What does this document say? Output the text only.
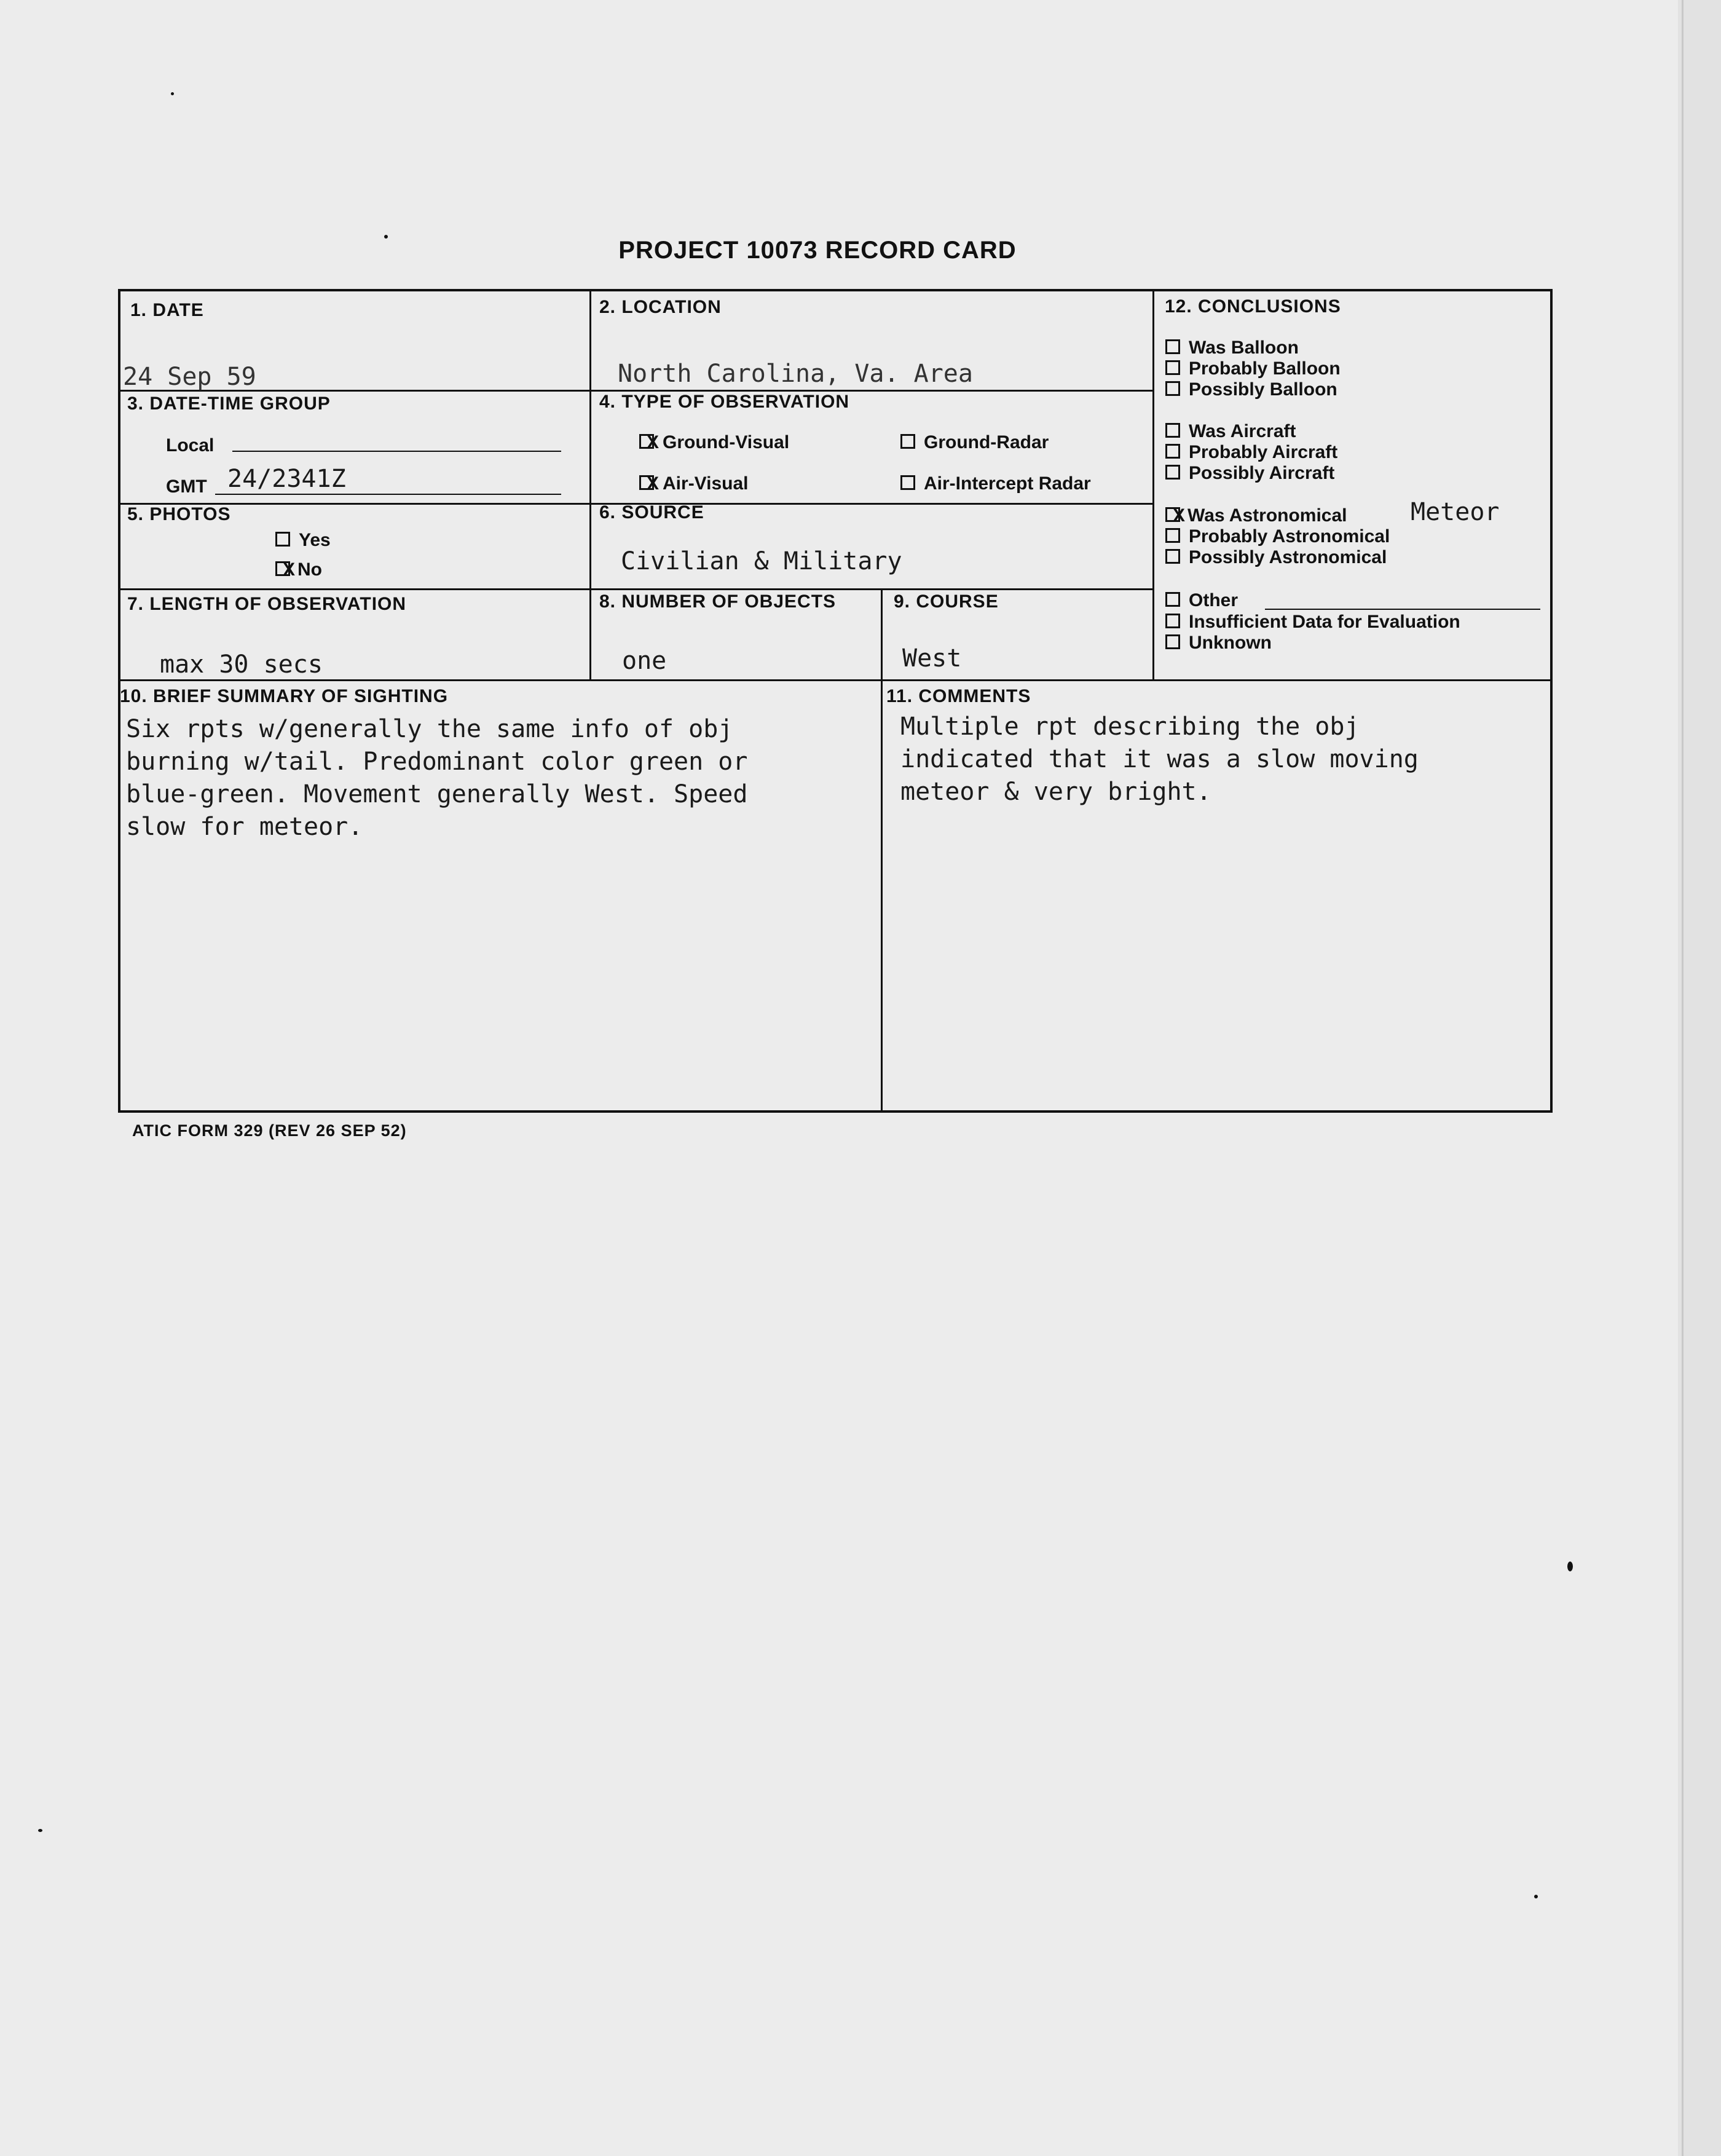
PROJECT 10073 RECORD CARD
1. DATE
24 Sep 59
2. LOCATION
North Carolina, Va. Area
3. DATE-TIME GROUP
Local
GMT 24/2341Z
4. TYPE OF OBSERVATION
X Ground-Visual	Ground-Radar
X Air-Visual	Air-Intercept Radar
5. PHOTOS
Yes
X No
6. SOURCE
Civilian & Military
7. LENGTH OF OBSERVATION
max 30 secs
8. NUMBER OF OBJECTS
one
9. COURSE
West
10. BRIEF SUMMARY OF SIGHTING
Six rpts w/generally the same info of obj
burning w/tail. Predominant color green or
blue-green. Movement generally West. Speed
slow for meteor.
11. COMMENTS
Multiple rpt describing the obj
indicated that it was a slow moving
meteor & very bright.
12. CONCLUSIONS
Was Balloon
Probably Balloon
Possibly Balloon
Was Aircraft
Probably Aircraft
Possibly Aircraft
X Was Astronomical	Meteor
Probably Astronomical
Possibly Astronomical
Other
Insufficient Data for Evaluation
Unknown
ATIC FORM 329 (REV 26 SEP 52)
